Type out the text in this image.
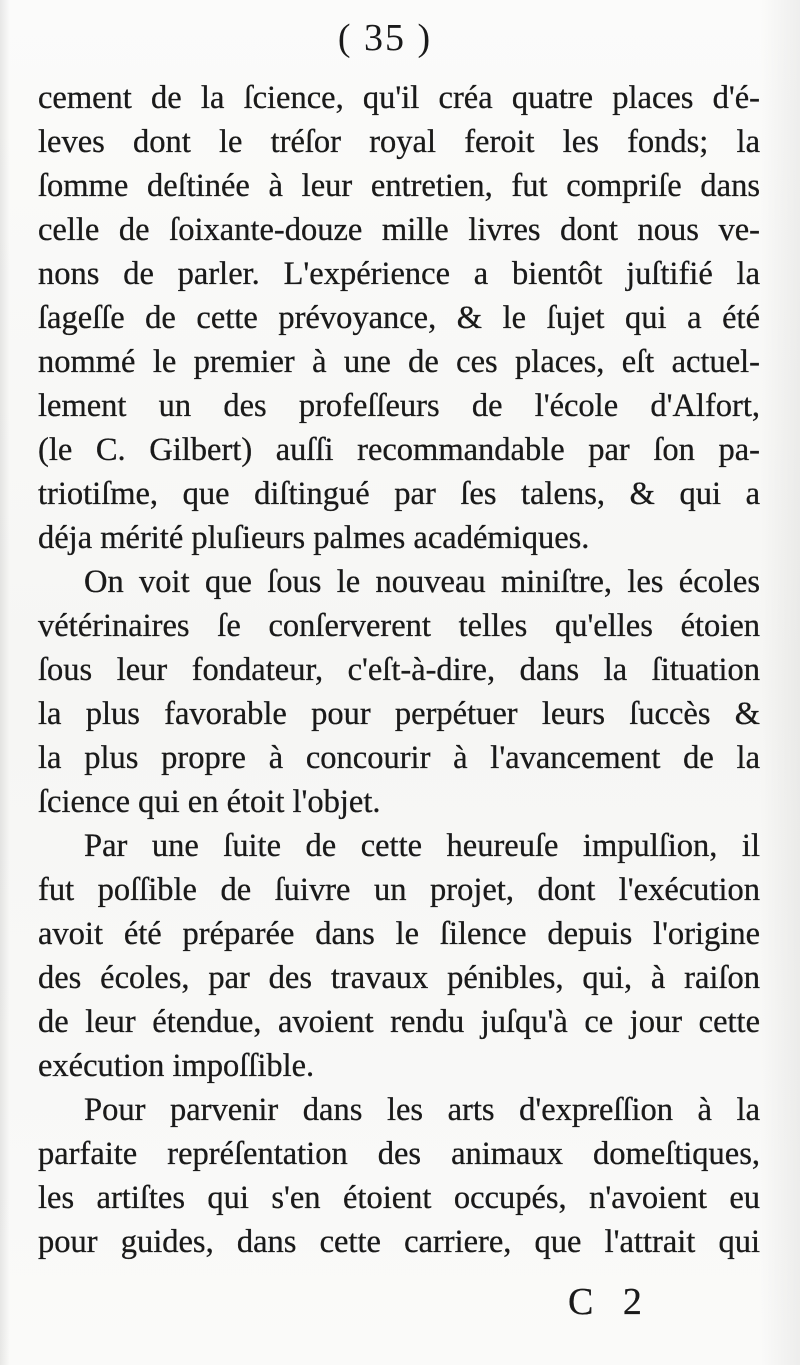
( 35 )
cement de la ſcience, qu'il créa quatre places d'é-
leves dont le tréſor royal feroit les fonds; la
ſomme deſtinée à leur entretien, fut compriſe dans
celle de ſoixante-douze mille livres dont nous ve-
nons de parler. L'expérience a bientôt juſtifié la
ſageſſe de cette prévoyance, & le ſujet qui a été
nommé le premier à une de ces places, eſt actuel-
lement un des profeſſeurs de l'école d'Alfort,
(le C. Gilbert) auſſi recommandable par ſon pa-
triotiſme, que diſtingué par ſes talens, & qui a
déja mérité pluſieurs palmes académiques.
On voit que ſous le nouveau miniſtre, les écoles
vétérinaires ſe conſerverent telles qu'elles étoien
ſous leur fondateur, c'eſt-à-dire, dans la ſituation
la plus favorable pour perpétuer leurs ſuccès &
la plus propre à concourir à l'avancement de la
ſcience qui en étoit l'objet.
Par une ſuite de cette heureuſe impulſion, il
fut poſſible de ſuivre un projet, dont l'exécution
avoit été préparée dans le ſilence depuis l'origine
des écoles, par des travaux pénibles, qui, à raiſon
de leur étendue, avoient rendu juſqu'à ce jour cette
exécution impoſſible.
Pour parvenir dans les arts d'expreſſion à la
parfaite repréſentation des animaux domeſtiques,
les artiſtes qui s'en étoient occupés, n'avoient eu
pour guides, dans cette carriere, que l'attrait qui
C 2
